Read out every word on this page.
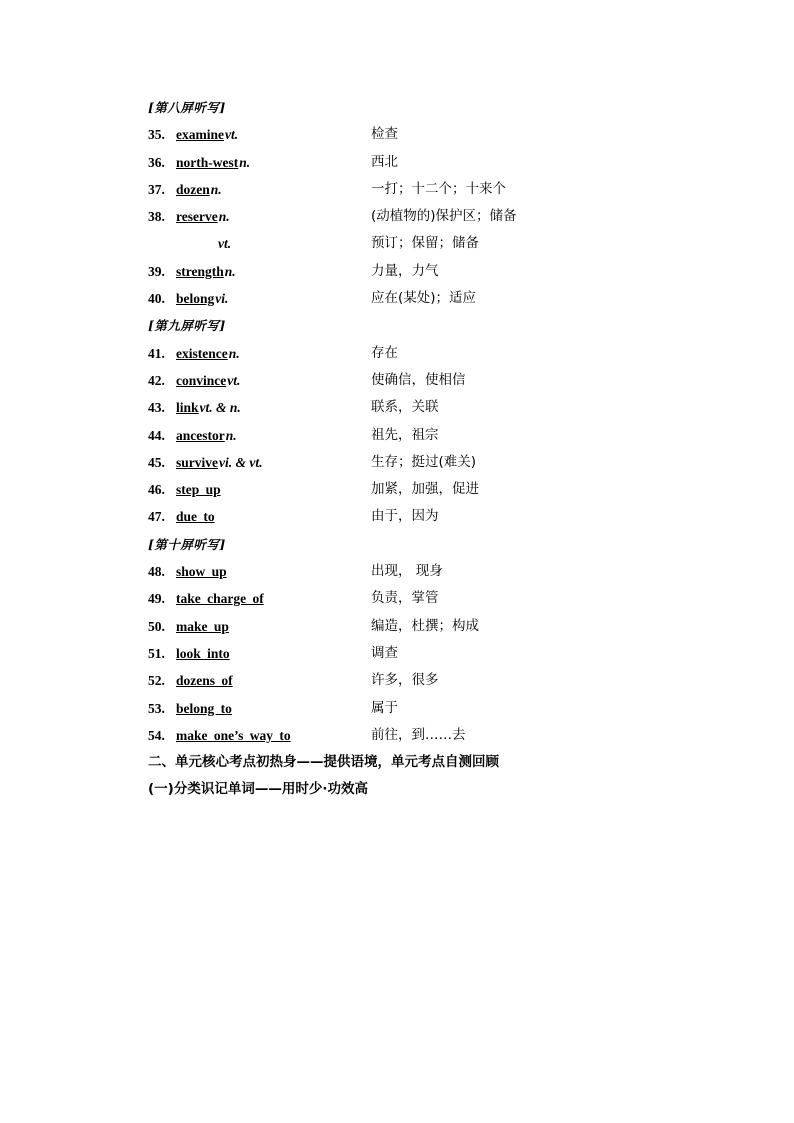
[第八屏听写]
35. examinevt.	检查
36. north-westn.	西北
37. dozenn.	一打；十二个；十来个
38. reserven.	(动植物的)保护区；储备
vt.	预订；保留；储备
39. strengthn.	力量，力气
40. belongvi.	应在(某处)；适应
[第九屏听写]
41. existencen.	存在
42. convincevt.	使确信，使相信
43. linkvt. & n.	联系，关联
44. ancestorn.	祖先，祖宗
45. survivevi. & vt.	生存；挺过(难关)
46. step up	加紧，加强，促进
47. due to	由于，因为
[第十屏听写]
48. show up	出现， 现身
49. take charge of	负责，掌管
50. make up	编造，杜撰；构成
51. look into	调查
52. dozens of	许多，很多
53. belong to	属于
54. make one’s way to	前往，到……去
二、单元核心考点初热身——提供语境，单元考点自测回顾
(一)分类识记单词——用时少·功效高
